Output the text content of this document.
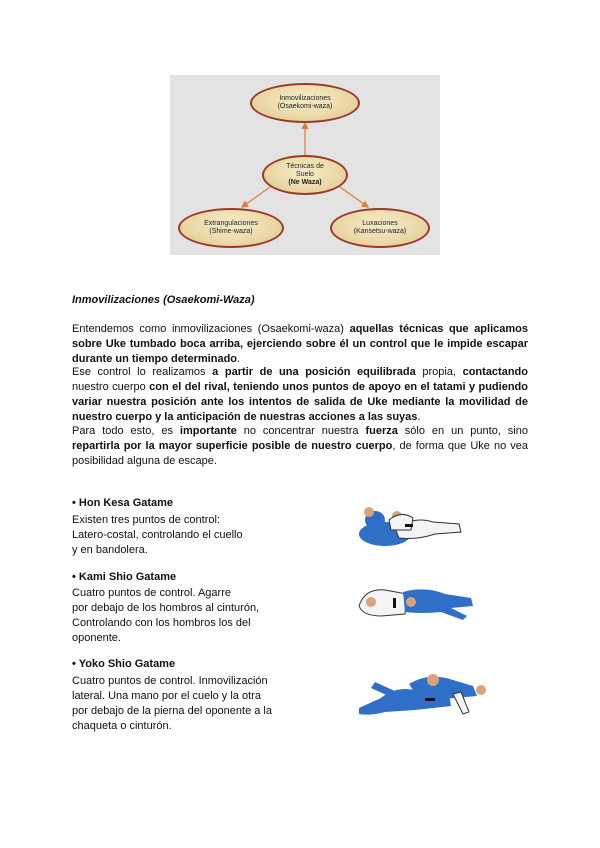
Inmovilizaciones
(Osaekomi-waza)
Técnicas de
Suelo
(Ne Waza)
Extrangulaciones
(Shime-waza)
Luxaciones
(Kansetsu-waza)
Inmovilizaciones (Osaekomi-Waza)

Entendemos como inmovilizaciones (Osaekomi-waza) aquellas técnicas que aplicamos sobre Uke tumbado boca arriba, ejerciendo sobre él un control que le impide escapar durante un tiempo determinado.

Ese control lo realizamos a partir de una posición equilibrada propia, contactando nuestro cuerpo con el del rival, teniendo unos puntos de apoyo en el tatami y pudiendo variar nuestra posición ante los intentos de salida de Uke mediante la movilidad de nuestro cuerpo y la anticipación de nuestras acciones a las suyas.

Para todo esto, es importante no concentrar nuestra fuerza sólo en un punto, sino repartirla por la mayor superficie posible de nuestro cuerpo, de forma que Uke no vea posibilidad alguna de escape.

• Hon Kesa Gatame
Existen tres puntos de control:
Latero-costal, controlando el cuello
y en bandolera.
• Kami Shio Gatame
Cuatro puntos de control. Agarre
por debajo de los hombros al cinturón,
Controlando con los hombros los del
oponente.
• Yoko Shio Gatame
Cuatro puntos de control. Inmovilización
lateral. Una mano por el cuelo y la otra
por debajo de la pierna del oponente a la
chaqueta o cinturón.
